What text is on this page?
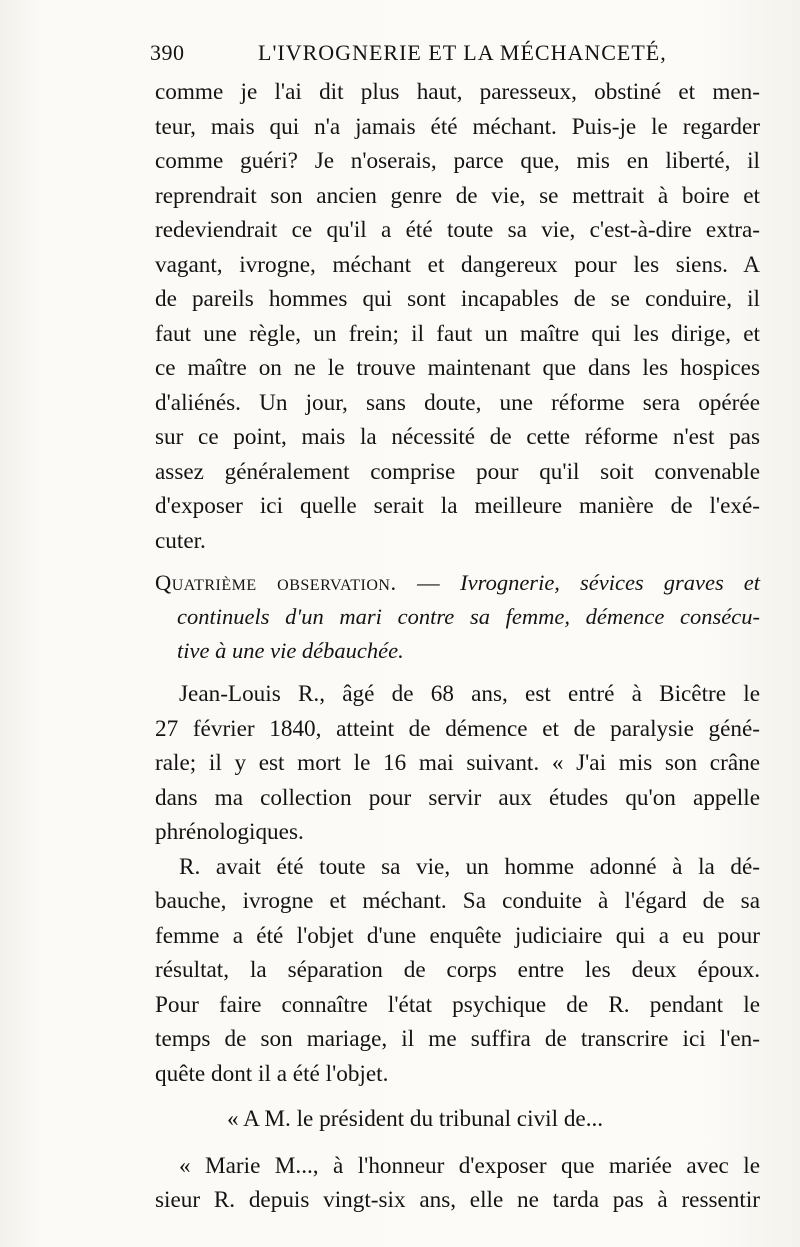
390	L'IVROGNERIE ET LA MÉCHANCETÉ,
comme je l'ai dit plus haut, paresseux, obstiné et men-
teur, mais qui n'a jamais été méchant. Puis-je le regarder
comme guéri? Je n'oserais, parce que, mis en liberté, il
reprendrait son ancien genre de vie, se mettrait à boire et
redeviendrait ce qu'il a été toute sa vie, c'est-à-dire extra-
vagant, ivrogne, méchant et dangereux pour les siens. A
de pareils hommes qui sont incapables de se conduire, il
faut une règle, un frein; il faut un maître qui les dirige, et
ce maître on ne le trouve maintenant que dans les hospices
d'aliénés. Un jour, sans doute, une réforme sera opérée
sur ce point, mais la nécessité de cette réforme n'est pas
assez généralement comprise pour qu'il soit convenable
d'exposer ici quelle serait la meilleure manière de l'exé-
cuter.
Quatrième observation. — Ivrognerie, sévices graves et
continuels d'un mari contre sa femme, démence consécu-
tive à une vie débauchée.
Jean-Louis R., âgé de 68 ans, est entré à Bicêtre le
27 février 1840, atteint de démence et de paralysie géné-
rale; il y est mort le 16 mai suivant. « J'ai mis son crâne
dans ma collection pour servir aux études qu'on appelle
phrénologiques.
R. avait été toute sa vie, un homme adonné à la dé-
bauche, ivrogne et méchant. Sa conduite à l'égard de sa
femme a été l'objet d'une enquête judiciaire qui a eu pour
résultat, la séparation de corps entre les deux époux.
Pour faire connaître l'état psychique de R. pendant le
temps de son mariage, il me suffira de transcrire ici l'en-
quête dont il a été l'objet.
« A M. le président du tribunal civil de...
« Marie M..., à l'honneur d'exposer que mariée avec le
sieur R. depuis vingt-six ans, elle ne tarda pas à ressentir
